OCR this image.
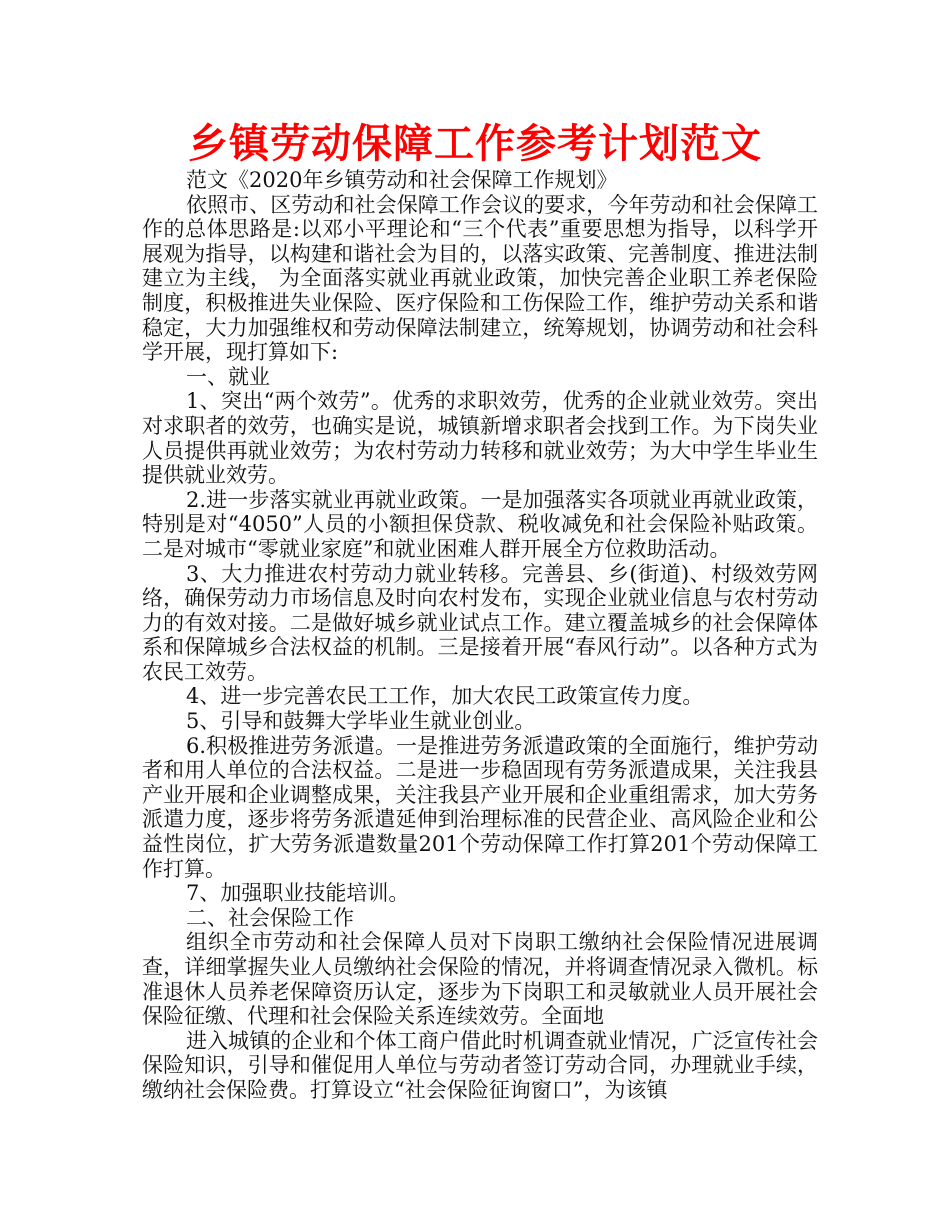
乡镇劳动保障工作参考计划范文

范文《2020年乡镇劳动和社会保障工作规划》

依照市、区劳动和社会保障工作会议的要求，今年劳动和社会保障工作的总体思路是:以邓小平理论和“三个代表”重要思想为指导，以科学开展观为指导，以构建和谐社会为目的，以落实政策、完善制度、推进法制建立为主线， 为全面落实就业再就业政策，加快完善企业职工养老保险制度，积极推进失业保险、医疗保险和工伤保险工作，维护劳动关系和谐稳定，大力加强维权和劳动保障法制建立，统筹规划，协调劳动和社会科学开展，现打算如下:

一、就业

1、突出“两个效劳”。优秀的求职效劳，优秀的企业就业效劳。突出对求职者的效劳，也确实是说，城镇新增求职者会找到工作。为下岗失业人员提供再就业效劳；为农村劳动力转移和就业效劳；为大中学生毕业生提供就业效劳。

2.进一步落实就业再就业政策。一是加强落实各项就业再就业政策，特别是对“4050”人员的小额担保贷款、税收减免和社会保险补贴政策。二是对城市“零就业家庭”和就业困难人群开展全方位救助活动。

3、大力推进农村劳动力就业转移。完善县、乡(街道)、村级效劳网络，确保劳动力市场信息及时向农村发布，实现企业就业信息与农村劳动力的有效对接。二是做好城乡就业试点工作。建立覆盖城乡的社会保障体系和保障城乡合法权益的机制。三是接着开展“春风行动”。以各种方式为农民工效劳。

4、进一步完善农民工工作，加大农民工政策宣传力度。

5、引导和鼓舞大学毕业生就业创业。

6.积极推进劳务派遣。一是推进劳务派遣政策的全面施行，维护劳动者和用人单位的合法权益。二是进一步稳固现有劳务派遣成果，关注我县产业开展和企业调整成果，关注我县产业开展和企业重组需求，加大劳务派遣力度，逐步将劳务派遣延伸到治理标准的民营企业、高风险企业和公益性岗位，扩大劳务派遣数量201个劳动保障工作打算201个劳动保障工作打算。

7、加强职业技能培训。

二、社会保险工作

组织全市劳动和社会保障人员对下岗职工缴纳社会保险情况进展调查，详细掌握失业人员缴纳社会保险的情况，并将调查情况录入微机。标准退休人员养老保障资历认定，逐步为下岗职工和灵敏就业人员开展社会保险征缴、代理和社会保险关系连续效劳。全面地

进入城镇的企业和个体工商户借此时机调查就业情况，广泛宣传社会保险知识，引导和催促用人单位与劳动者签订劳动合同，办理就业手续，缴纳社会保险费。打算设立“社会保险征询窗口”，为该镇
